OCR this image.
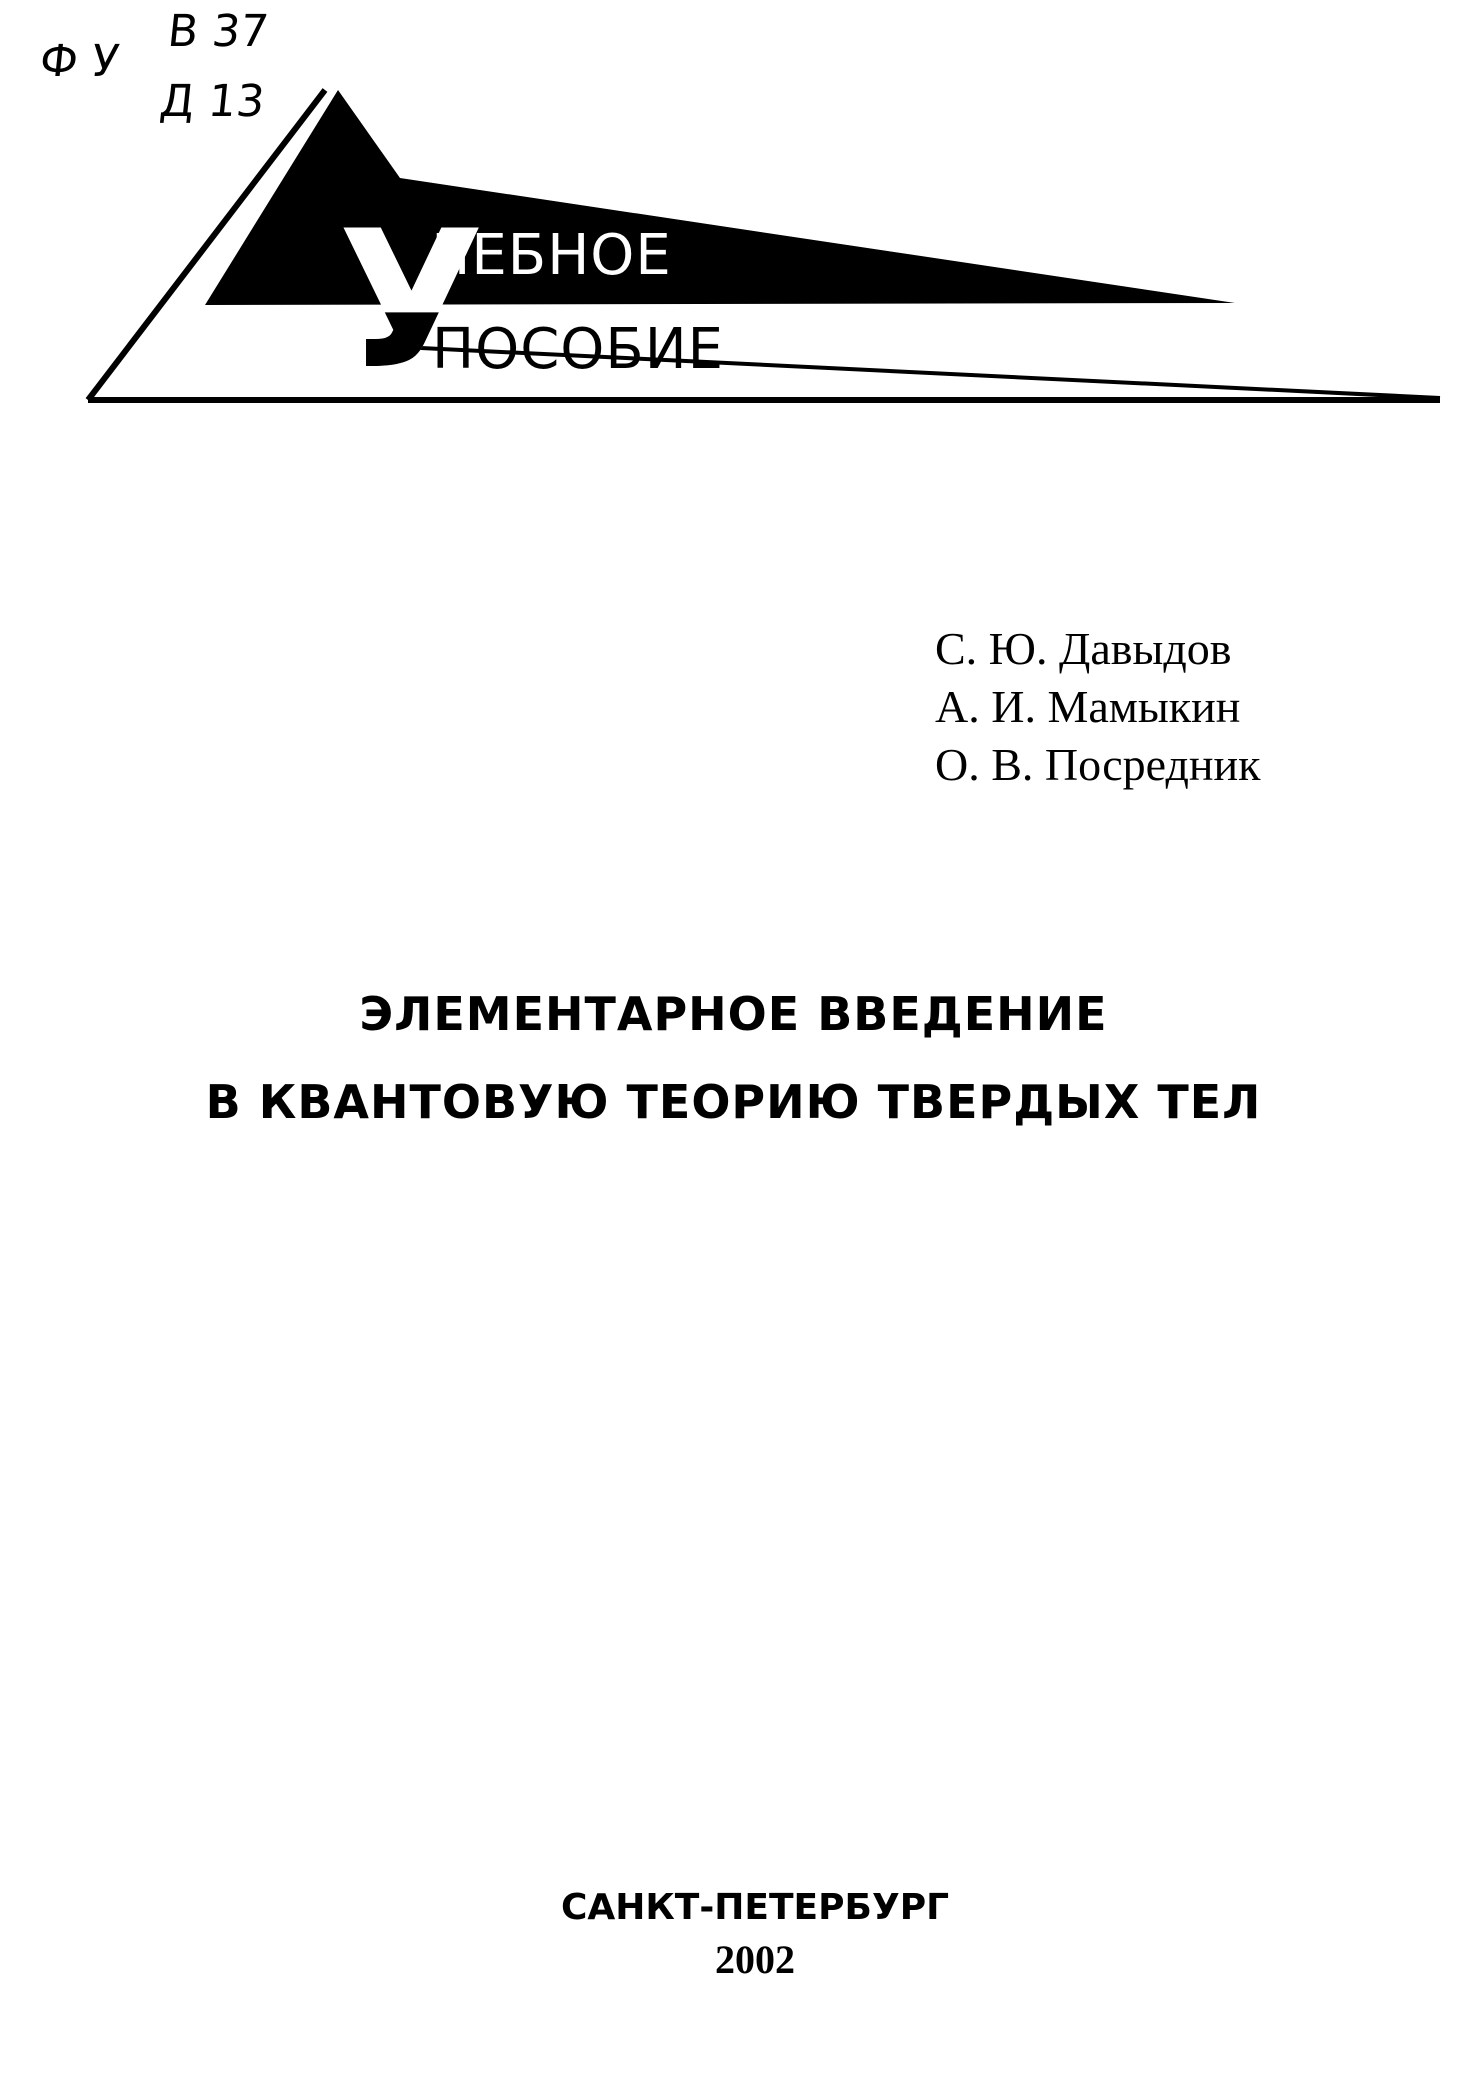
Ф У
В 37
Д 13
У
ЧЕБНОЕ
ПОСОБИЕ
С. Ю. Давыдов
А. И. Мамыкин
О. В. Посредник
ЭЛЕМЕНТАРНОЕ ВВЕДЕНИЕ
В КВАНТОВУЮ ТЕОРИЮ ТВЕРДЫХ ТЕЛ
САНКТ-ПЕТЕРБУРГ
2002
